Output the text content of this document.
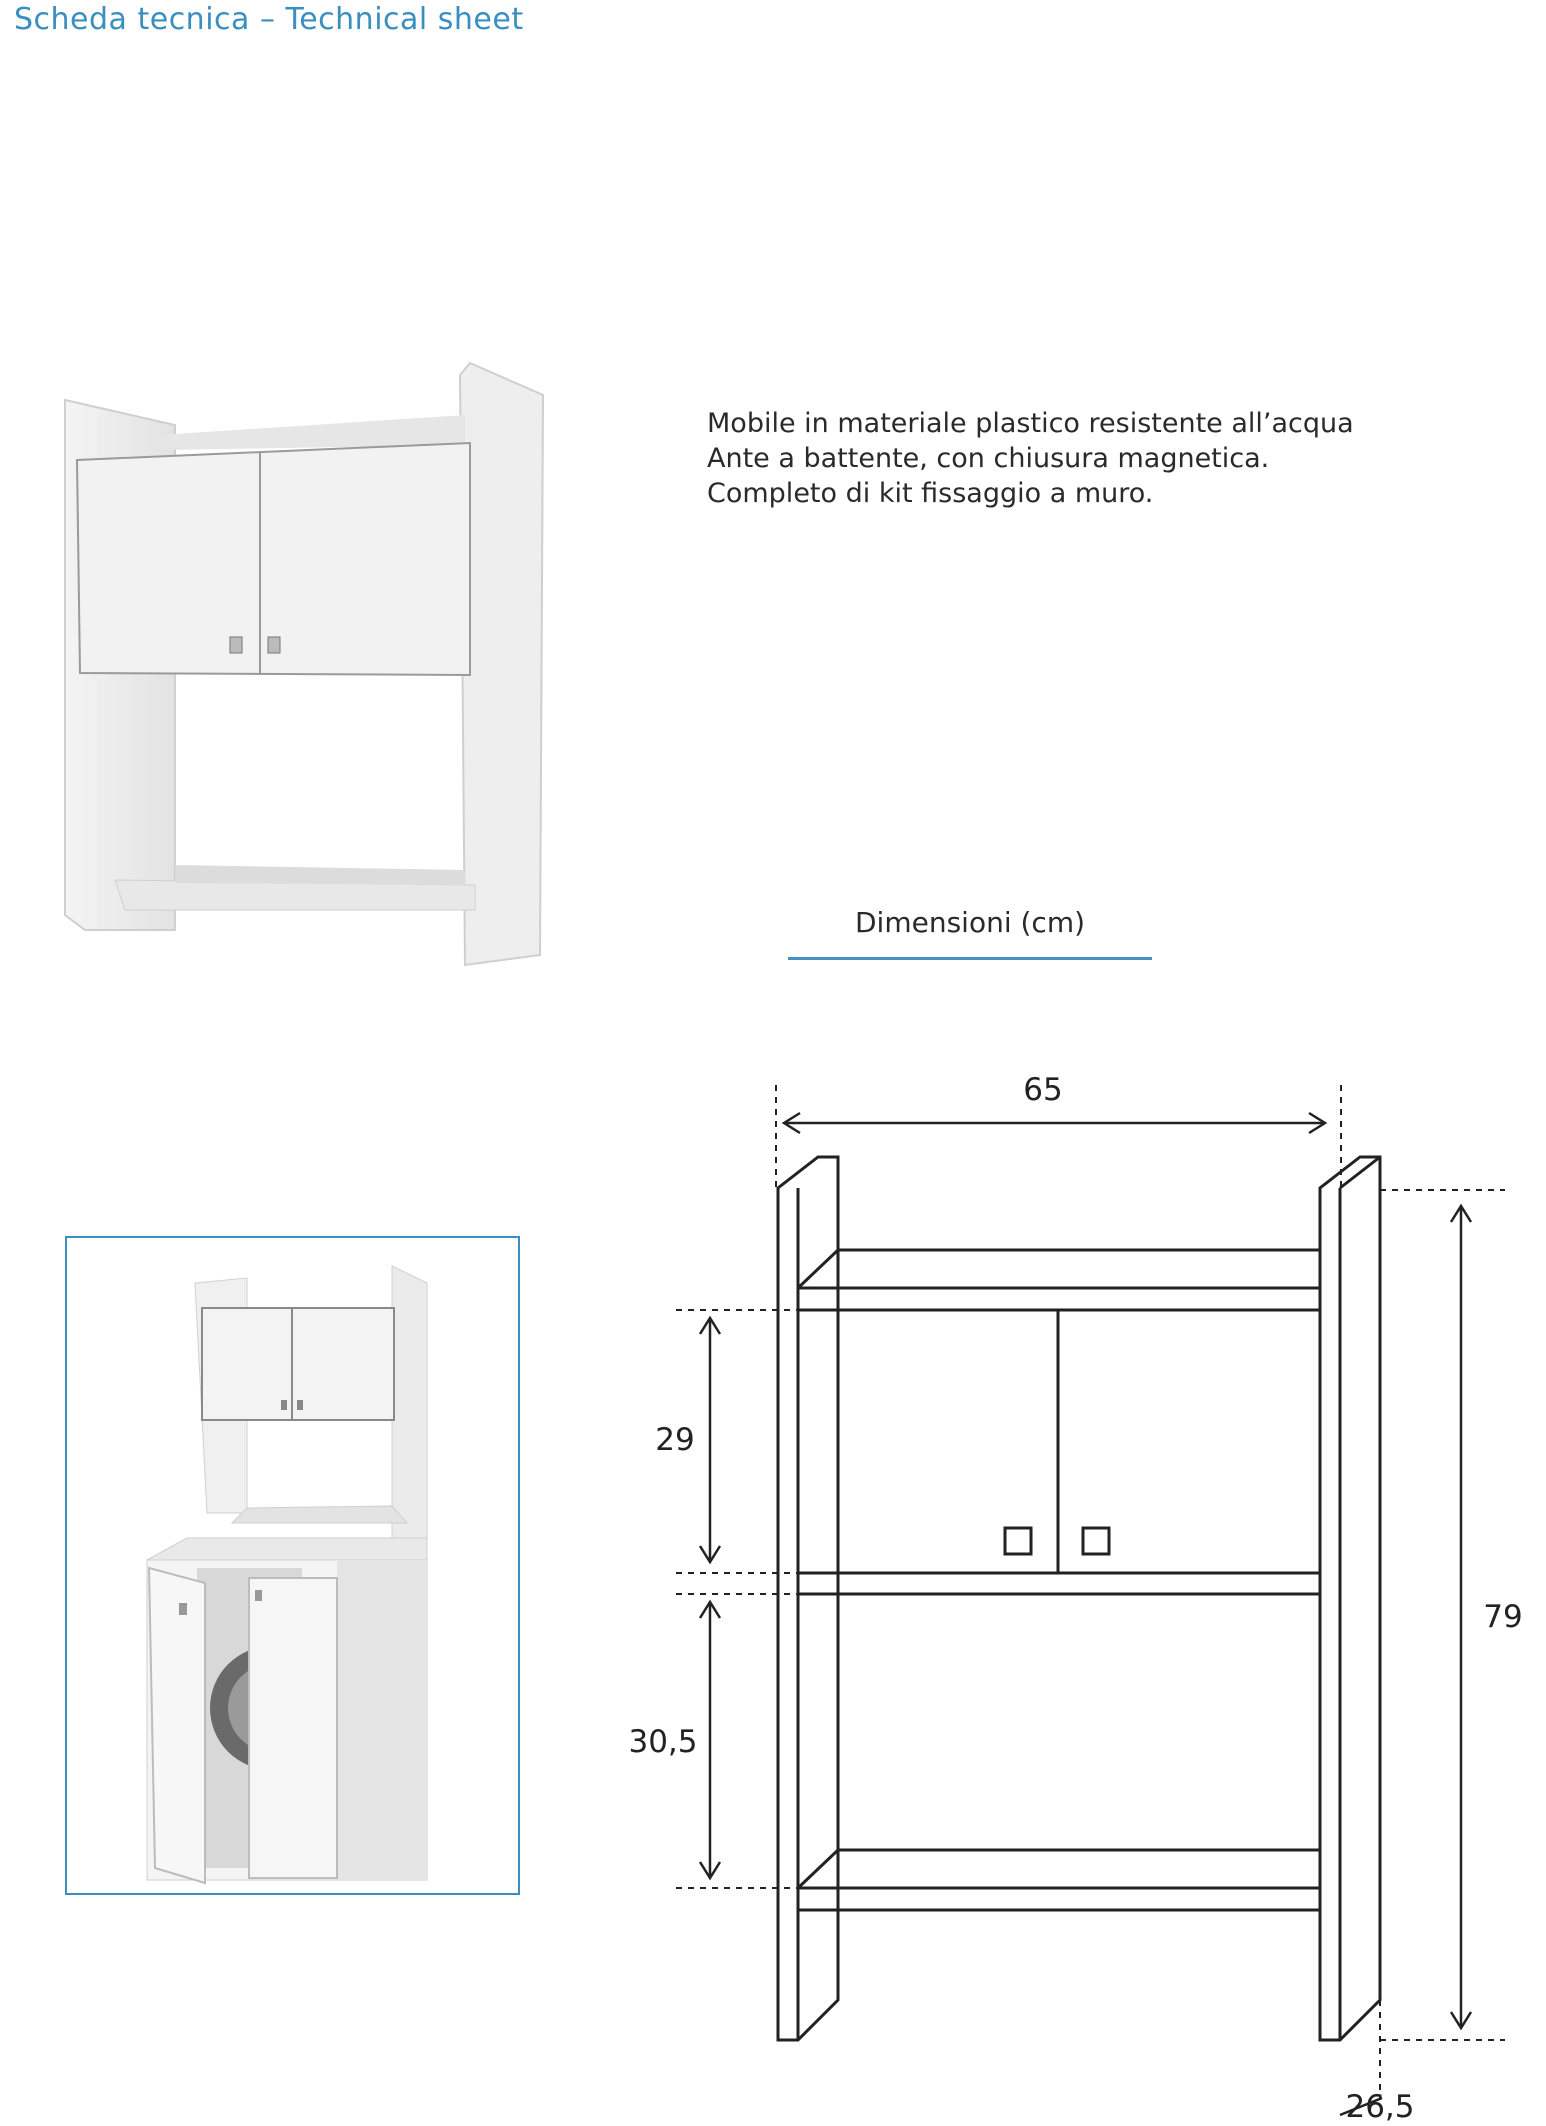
Scheda tecnica – Technical sheet
Mobile in materiale plastico resistente all’acqua
Ante a battente, con chiusura magnetica.
Completo di kit fissaggio a muro.
Dimensioni (cm)
65
29
30,5
79
26,5
